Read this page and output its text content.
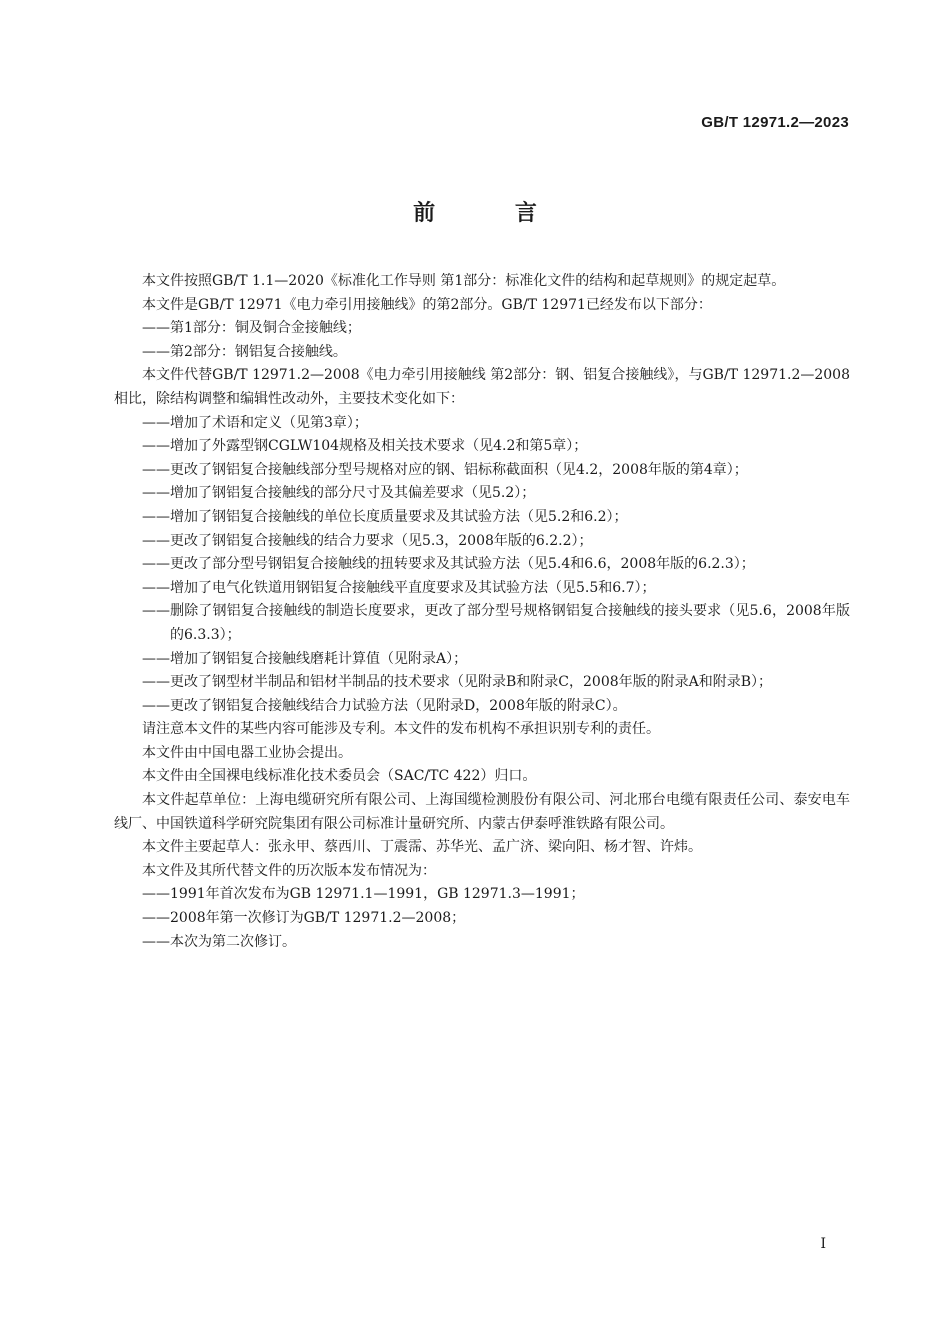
GB/T 12971.2—2023
前 言

本文件按照GB/T 1.1—2020《标准化工作导则 第1部分：标准化文件的结构和起草规则》的规定起草。

本文件是GB/T 12971《电力牵引用接触线》的第2部分。GB/T 12971已经发布以下部分：

——第1部分：铜及铜合金接触线；

——第2部分：钢铝复合接触线。

本文件代替GB/T 12971.2—2008《电力牵引用接触线 第2部分：钢、铝复合接触线》，与GB/T 12971.2—2008相比，除结构调整和编辑性改动外，主要技术变化如下：

——增加了术语和定义（见第3章）；

——增加了外露型钢CGLW104规格及相关技术要求（见4.2和第5章）；

——更改了钢铝复合接触线部分型号规格对应的钢、铝标称截面积（见4.2，2008年版的第4章）；

——增加了钢铝复合接触线的部分尺寸及其偏差要求（见5.2）；

——增加了钢铝复合接触线的单位长度质量要求及其试验方法（见5.2和6.2）；

——更改了钢铝复合接触线的结合力要求（见5.3，2008年版的6.2.2）；

——更改了部分型号钢铝复合接触线的扭转要求及其试验方法（见5.4和6.6，2008年版的6.2.3）；

——增加了电气化铁道用钢铝复合接触线平直度要求及其试验方法（见5.5和6.7）；

——删除了钢铝复合接触线的制造长度要求，更改了部分型号规格钢铝复合接触线的接头要求（见5.6，2008年版的6.3.3）；

——增加了钢铝复合接触线磨耗计算值（见附录A）；

——更改了钢型材半制品和铝材半制品的技术要求（见附录B和附录C，2008年版的附录A和附录B）；

——更改了钢铝复合接触线结合力试验方法（见附录D，2008年版的附录C）。

请注意本文件的某些内容可能涉及专利。本文件的发布机构不承担识别专利的责任。

本文件由中国电器工业协会提出。

本文件由全国裸电线标准化技术委员会（SAC/TC 422）归口。

本文件起草单位：上海电缆研究所有限公司、上海国缆检测股份有限公司、河北邢台电缆有限责任公司、泰安电车线厂、中国铁道科学研究院集团有限公司标准计量研究所、内蒙古伊泰呼淮铁路有限公司。

本文件主要起草人：张永甲、蔡西川、丁震霈、苏华光、孟广济、梁向阳、杨才智、许炜。

本文件及其所代替文件的历次版本发布情况为：

——1991年首次发布为GB 12971.1—1991，GB 12971.3—1991；

——2008年第一次修订为GB/T 12971.2—2008；

——本次为第二次修订。

I
